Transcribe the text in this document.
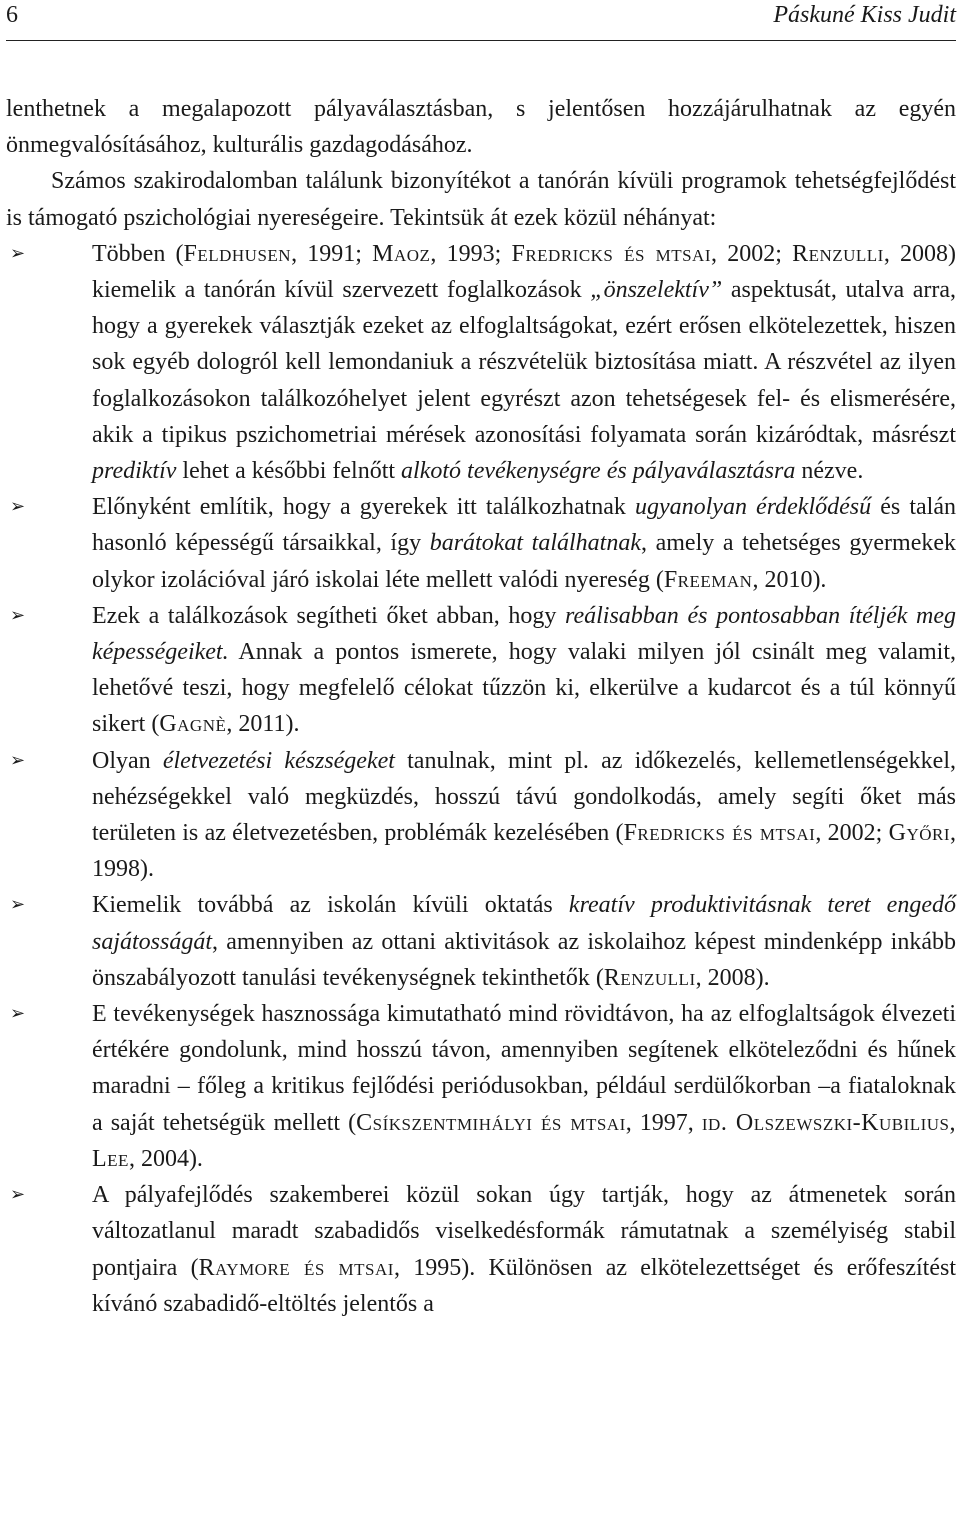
6	Páskuné Kiss Judit

lenthetnek a megalapozott pályaválasztásban, s jelentősen hozzájárulhatnak az egyén önmegvalósításához, kulturális gazdagodásához.

Számos szakirodalomban találunk bizonyítékot a tanórán kívüli programok tehetségfejlődést is támogató pszichológiai nyereségeire. Tekintsük át ezek közül néhányat:

➢	Többen (Feldhusen, 1991; Maoz, 1993; Fredricks és mtsai, 2002; Renzulli, 2008) kiemelik a tanórán kívül szervezett foglalkozások „önszelektív” aspektusát, utalva arra, hogy a gyerekek választják ezeket az elfoglaltságokat, ezért erősen elkötelezettek, hiszen sok egyéb dologról kell lemondaniuk a részvételük biztosítása miatt. A részvétel az ilyen foglalkozásokon találkozóhelyet jelent egyrészt azon tehetségesek fel- és elismerésére, akik a tipikus pszichometriai mérések azonosítási folyamata során kizáródtak, másrészt prediktív lehet a későbbi felnőtt alkotó tevékenységre és pályaválasztásra nézve.
➢	Előnyként említik, hogy a gyerekek itt találkozhatnak ugyanolyan érdeklődésű és talán hasonló képességű társaikkal, így barátokat találhatnak, amely a tehetséges gyermekek olykor izolációval járó iskolai léte mellett valódi nyereség (Freeman, 2010).
➢	Ezek a találkozások segítheti őket abban, hogy reálisabban és pontosabban ítéljék meg képességeiket. Annak a pontos ismerete, hogy valaki milyen jól csinált meg valamit, lehetővé teszi, hogy megfelelő célokat tűzzön ki, elkerülve a kudarcot és a túl könnyű sikert (Gagnè, 2011).
➢	Olyan életvezetési készségeket tanulnak, mint pl. az időkezelés, kellemetlenségekkel, nehézségekkel való megküzdés, hosszú távú gondolkodás, amely segíti őket más területen is az életvezetésben, problémák kezelésében (Fredricks és mtsai, 2002; Győri, 1998).
➢	Kiemelik továbbá az iskolán kívüli oktatás kreatív produktivitásnak teret engedő sajátosságát, amennyiben az ottani aktivitások az iskolaihoz képest mindenképp inkább önszabályozott tanulási tevékenységnek tekinthetők (Renzulli, 2008).
➢	E tevékenységek hasznossága kimutatható mind rövidtávon, ha az elfoglaltságok élvezeti értékére gondolunk, mind hosszú távon, amennyiben segítenek elköteleződni és hűnek maradni – főleg a kritikus fejlődési periódusokban, például serdülőkorban –a fiataloknak a saját tehetségük mellett (Csíkszentmihályi és mtsai, 1997, id. Olszewszki-Kubilius, Lee, 2004).
➢	A pályafejlődés szakemberei közül sokan úgy tartják, hogy az átmenetek során változatlanul maradt szabadidős viselkedésformák rámutatnak a személyiség stabil pontjaira (Raymore és mtsai, 1995). Különösen az elkötelezettséget és erőfeszítést kívánó szabadidő-eltöltés jelentős a
